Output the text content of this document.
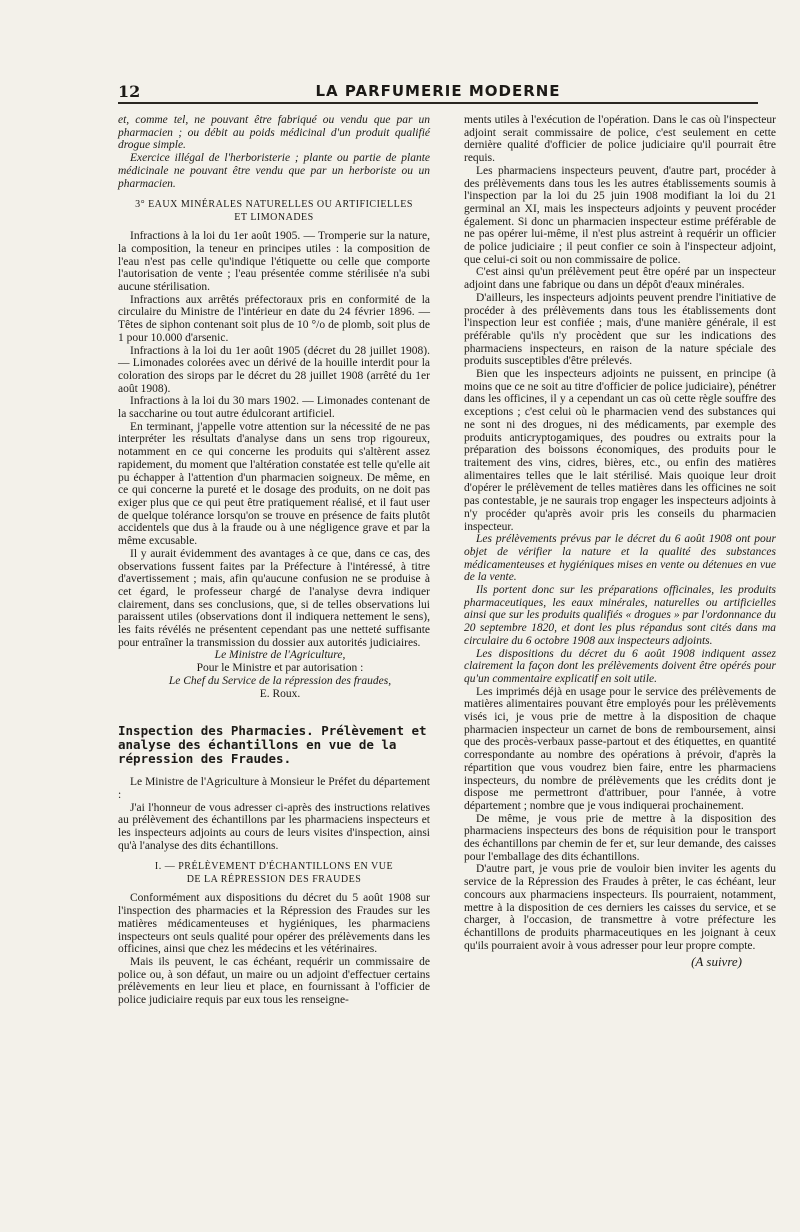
12	LA PARFUMERIE MODERNE

et, comme tel, ne pouvant être fabriqué ou vendu que par un pharmacien ; ou débit au poids médicinal d'un produit qualifié drogue simple.

Exercice illégal de l'herboristerie ; plante ou partie de plante médicinale ne pouvant être vendu que par un herboriste ou un pharmacien.

3° EAUX MINÉRALES NATURELLES OU ARTIFICIELLES
ET LIMONADES

Infractions à la loi du 1er août 1905. — Tromperie sur la nature, la composition, la teneur en principes utiles : la composition de l'eau n'est pas celle qu'indique l'étiquette ou celle que comporte l'autorisation de vente ; l'eau présentée comme stérilisée n'a subi aucune stérilisation.

Infractions aux arrêtés préfectoraux pris en conformité de la circulaire du Ministre de l'intérieur en date du 24 février 1896. — Têtes de siphon contenant soit plus de 10 °/o de plomb, soit plus de 1 pour 10.000 d'arsenic.

Infractions à la loi du 1er août 1905 (décret du 28 juillet 1908). — Limonades colorées avec un dérivé de la houille interdit pour la coloration des sirops par le décret du 28 juillet 1908 (arrêté du 1er août 1908).

Infractions à la loi du 30 mars 1902. — Limonades contenant de la saccharine ou tout autre édulcorant artificiel.

En terminant, j'appelle votre attention sur la nécessité de ne pas interpréter les résultats d'analyse dans un sens trop rigoureux, notamment en ce qui concerne les produits qui s'altèrent assez rapidement, du moment que l'altération constatée est telle qu'elle ait pu échapper à l'attention d'un pharmacien soigneux. De même, en ce qui concerne la pureté et le dosage des produits, on ne doit pas exiger plus que ce qui peut être pratiquement réalisé, et il faut user de quelque tolérance lorsqu'on se trouve en présence de faits plutôt accidentels que dus à la fraude ou à une négligence grave et par la même excusable.

Il y aurait évidemment des avantages à ce que, dans ce cas, des observations fussent faites par la Préfecture à l'intéressé, à titre d'avertissement ; mais, afin qu'aucune confusion ne se produise à cet égard, le professeur chargé de l'analyse devra indiquer clairement, dans ses conclusions, que, si de telles observations lui paraissent utiles (observations dont il indiquera nettement le sens), les faits révélés ne présentent cependant pas une netteté suffisante pour entraîner la transmission du dossier aux autorités judiciaires.

Le Ministre de l'Agriculture,

Pour le Ministre et par autorisation :

Le Chef du Service de la répression des fraudes,

E. Roux.

Inspection des Pharmacies. Prélèvement et analyse des échantillons en vue de la répression des Fraudes.

Le Ministre de l'Agriculture à Monsieur le Préfet du département :

J'ai l'honneur de vous adresser ci-après des instructions relatives au prélèvement des échantillons par les pharmaciens inspecteurs et les inspecteurs adjoints au cours de leurs visites d'inspection, ainsi qu'à l'analyse des dits échantillons.

I. — PRÉLÈVEMENT D'ÉCHANTILLONS EN VUE
DE LA RÉPRESSION DES FRAUDES

Conformément aux dispositions du décret du 5 août 1908 sur l'inspection des pharmacies et la Répression des Fraudes sur les matières médicamenteuses et hygiéniques, les pharmaciens inspecteurs ont seuls qualité pour opérer des prélèvements dans les officines, ainsi que chez les médecins et les vétérinaires.

Mais ils peuvent, le cas échéant, requérir un commissaire de police ou, à son défaut, un maire ou un adjoint d'effectuer certains prélèvements en leur lieu et place, en fournissant à l'officier de police judiciaire requis par eux tous les renseigne-

ments utiles à l'exécution de l'opération. Dans le cas où l'inspecteur adjoint serait commissaire de police, c'est seulement en cette dernière qualité d'officier de police judiciaire qu'il pourrait être requis.

Les pharmaciens inspecteurs peuvent, d'autre part, procéder à des prélèvements dans tous les les autres établissements soumis à l'inspection par la loi du 25 juin 1908 modifiant la loi du 21 germinal an XI, mais les inspecteurs adjoints y peuvent procéder également. Si donc un pharmacien inspecteur estime préférable de ne pas opérer lui-même, il n'est plus astreint à requérir un officier de police judiciaire ; il peut confier ce soin à l'inspecteur adjoint, que celui-ci soit ou non commissaire de police.

C'est ainsi qu'un prélèvement peut être opéré par un inspecteur adjoint dans une fabrique ou dans un dépôt d'eaux minérales.

D'ailleurs, les inspecteurs adjoints peuvent prendre l'initiative de procéder à des prélèvements dans tous les établissements dont l'inspection leur est confiée ; mais, d'une manière générale, il est préférable qu'ils n'y procèdent que sur les indications des pharmaciens inspecteurs, en raison de la nature spéciale des produits susceptibles d'être prélevés.

Bien que les inspecteurs adjoints ne puissent, en principe (à moins que ce ne soit au titre d'officier de police judiciaire), pénétrer dans les officines, il y a cependant un cas où cette règle souffre des exceptions ; c'est celui où le pharmacien vend des substances qui ne sont ni des drogues, ni des médicaments, par exemple des produits anticryptogamiques, des poudres ou extraits pour la préparation des boissons économiques, des produits pour le traitement des vins, cidres, bières, etc., ou enfin des matières alimentaires telles que le lait stérilisé. Mais quoique leur droit d'opérer le prélèvement de telles matières dans les officines ne soit pas contestable, je ne saurais trop engager les inspecteurs adjoints à n'y procéder qu'après avoir pris les conseils du pharmacien inspecteur.

Les prélèvements prévus par le décret du 6 août 1908 ont pour objet de vérifier la nature et la qualité des substances médicamenteuses et hygiéniques mises en vente ou détenues en vue de la vente.

Ils portent donc sur les préparations officinales, les produits pharmaceutiques, les eaux minérales, naturelles ou artificielles ainsi que sur les produits qualifiés « drogues » par l'ordonnance du 20 septembre 1820, et dont les plus répandus sont cités dans ma circulaire du 6 octobre 1908 aux inspecteurs adjoints.

Les dispositions du décret du 6 août 1908 indiquent assez clairement la façon dont les prélèvements doivent être opérés pour qu'un commentaire explicatif en soit utile.

Les imprimés déjà en usage pour le service des prélèvements de matières alimentaires pouvant être employés pour les prélèvements visés ici, je vous prie de mettre à la disposition de chaque pharmacien inspecteur un carnet de bons de remboursement, ainsi que des procès-verbaux passe-partout et des étiquettes, en quantité correspondante au nombre des opérations à prévoir, d'après la répartition que vous voudrez bien faire, entre les pharmaciens inspecteurs, du nombre de prélèvements que les crédits dont je dispose me permettront d'attribuer, pour l'année, à votre département ; nombre que je vous indiquerai prochainement.

De même, je vous prie de mettre à la disposition des pharmaciens inspecteurs des bons de réquisition pour le transport des échantillons par chemin de fer et, sur leur demande, des caisses pour l'emballage des dits échantillons.

D'autre part, je vous prie de vouloir bien inviter les agents du service de la Répression des Fraudes à prêter, le cas échéant, leur concours aux pharmaciens inspecteurs. Ils pourraient, notamment, mettre à la disposition de ces derniers les caisses du service, et se charger, à l'occasion, de transmettre à votre préfecture les échantillons de produits pharmaceutiques en les joignant à ceux qu'ils pourraient avoir à vous adresser pour leur propre compte.

(A suivre)
